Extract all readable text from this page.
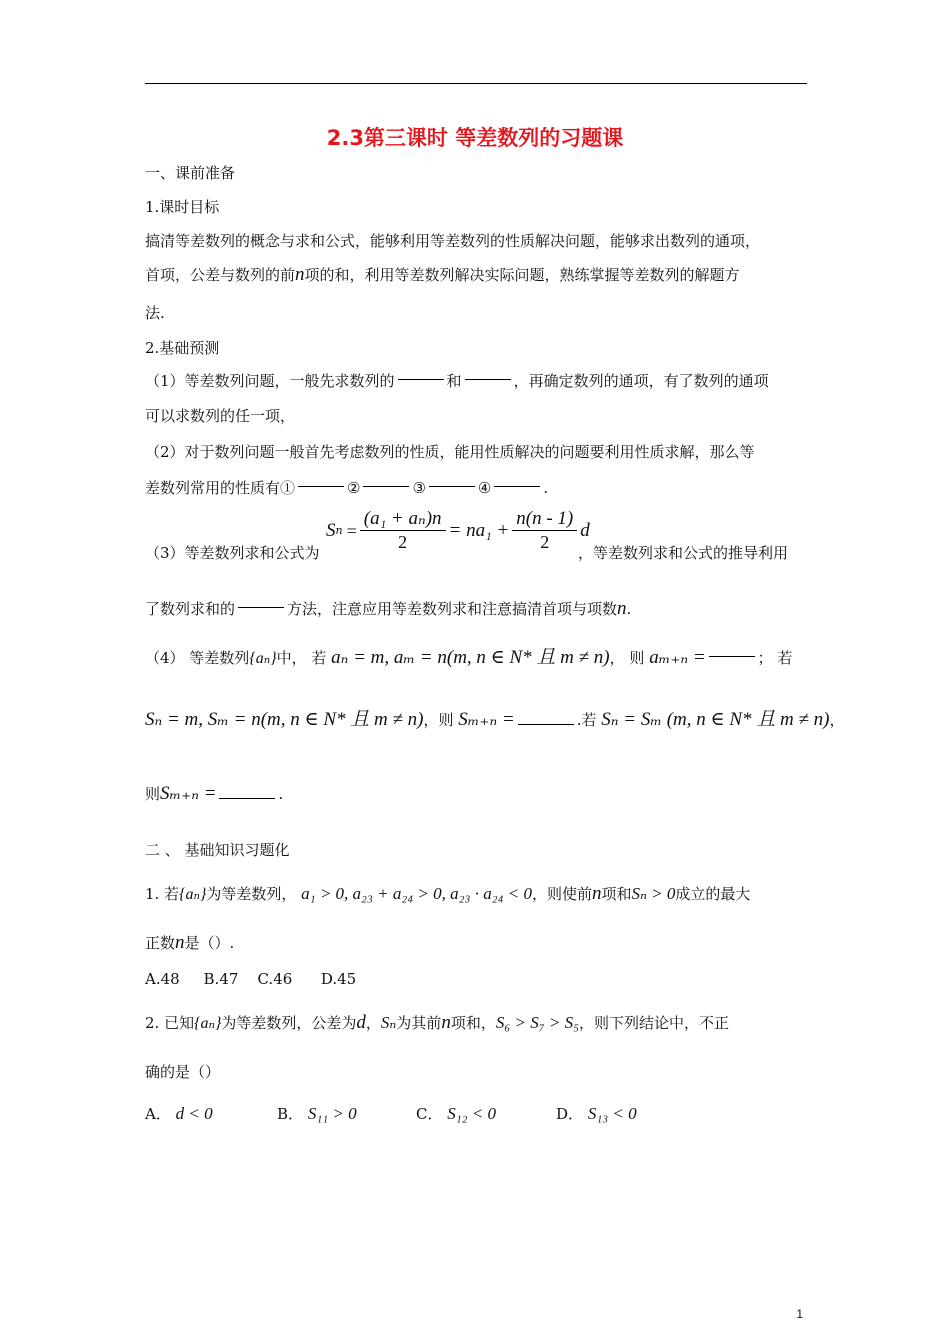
2.3第三课时 等差数列的习题课
一、课前准备
1.课时目标
搞清等差数列的概念与求和公式，能够利用等差数列的性质解决问题，能够求出数列的通项，
首项，公差与数列的前n项的和，利用等差数列解决实际问题，熟练掌握等差数列的解题方
法.
2.基础预测
（1）等差数列问题，一般先求数列的	和	，再确定数列的通项，有了数列的通项
可以求数列的任一项，
（2）对于数列问题一般首先考虑数列的性质，能用性质解决的问题要利用性质求解，那么等
差数列常用的性质有①	②	③	④	.
（3）等差数列求和公式为
S $n = \frac{\text{(a₁ + aₙ)n}}{2} = na_1 + \frac{n(n - 1)}{2}$ d
，等差数列求和公式的推导利用
了数列求和的	方法，注意应用等差数列求和注意搞清首项与项数n.
（4） 等差数列{aₙ}中， 若 aₙ = m, aₘ = n(m, n ∈ N* 且 m ≠ n)， 则 aₘ₊ₙ =	； 若
Sₙ = m, Sₘ = n(m, n ∈ N* 且 m ≠ n)，则 Sₘ₊ₙ =	.若 Sₙ = Sₘ (m, n ∈ N* 且 m ≠ n)，
则Sₘ₊ₙ =	.
二 、 基础知识习题化
1. 若{aₙ}为等差数列， a₁ > 0, a₂₃ + a₂₄ > 0, a₂₃ · a₂₄ < 0，则使前n项和Sₙ > 0成立的最大
正数n是（）.
A.48     B.47    C.46      D.45
2. 已知{aₙ}为等差数列，公差为d，Sₙ为其前n项和，S₆ > S₇ > S₅，则下列结论中，不正
确的是（）
A． d < 0	B． S₁₁ > 0	C． S₁₂ < 0	D． S₁₃ < 0
1
